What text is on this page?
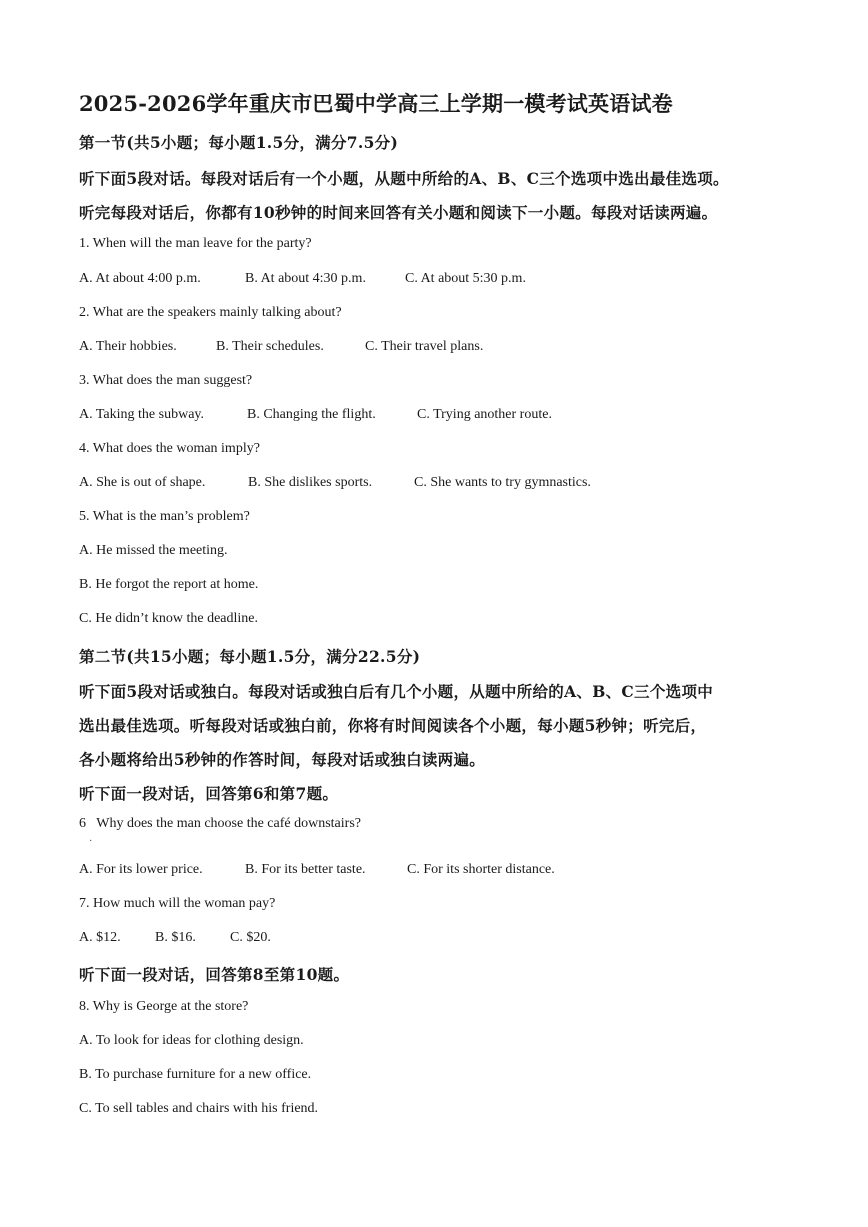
2025-2026学年重庆市巴蜀中学高三上学期一模考试英语试卷
第一节(共5小题；每小题1.5分，满分7.5分)
听下面5段对话。每段对话后有一个小题，从题中所给的A、B、C三个选项中选出最佳选项。
听完每段对话后，你都有10秒钟的时间来回答有关小题和阅读下一小题。每段对话读两遍。
1. When will the man leave for the party?
A. At about 4:00 p.m.	B. At about 4:30 p.m.	C. At about 5:30 p.m.
2. What are the speakers mainly talking about?
A. Their hobbies.	B. Their schedules.	C. Their travel plans.
3. What does the man suggest?
A. Taking the subway.	B. Changing the flight.	C. Trying another route.
4. What does the woman imply?
A. She is out of shape.	B. She dislikes sports.	C. She wants to try gymnastics.
5. What is the man’s problem?
A. He missed the meeting.
B. He forgot the report at home.
C. He didn’t know the deadline.
第二节(共15小题；每小题1.5分，满分22.5分)
听下面5段对话或独白。每段对话或独白后有几个小题，从题中所给的A、B、C三个选项中
选出最佳选项。听每段对话或独白前，你将有时间阅读各个小题，每小题5秒钟；听完后，
各小题将给出5秒钟的作答时间，每段对话或独白读两遍。
听下面一段对话，回答第6和第7题。
6   Why does the man choose the café downstairs?
A. For its lower price.	B. For its better taste.	C. For its shorter distance.
7. How much will the woman pay?
A. $12. B. $16. C. $20.
听下面一段对话，回答第8至第10题。
8. Why is George at the store?
A. To look for ideas for clothing design.
B. To purchase furniture for a new office.
C. To sell tables and chairs with his friend.
·
